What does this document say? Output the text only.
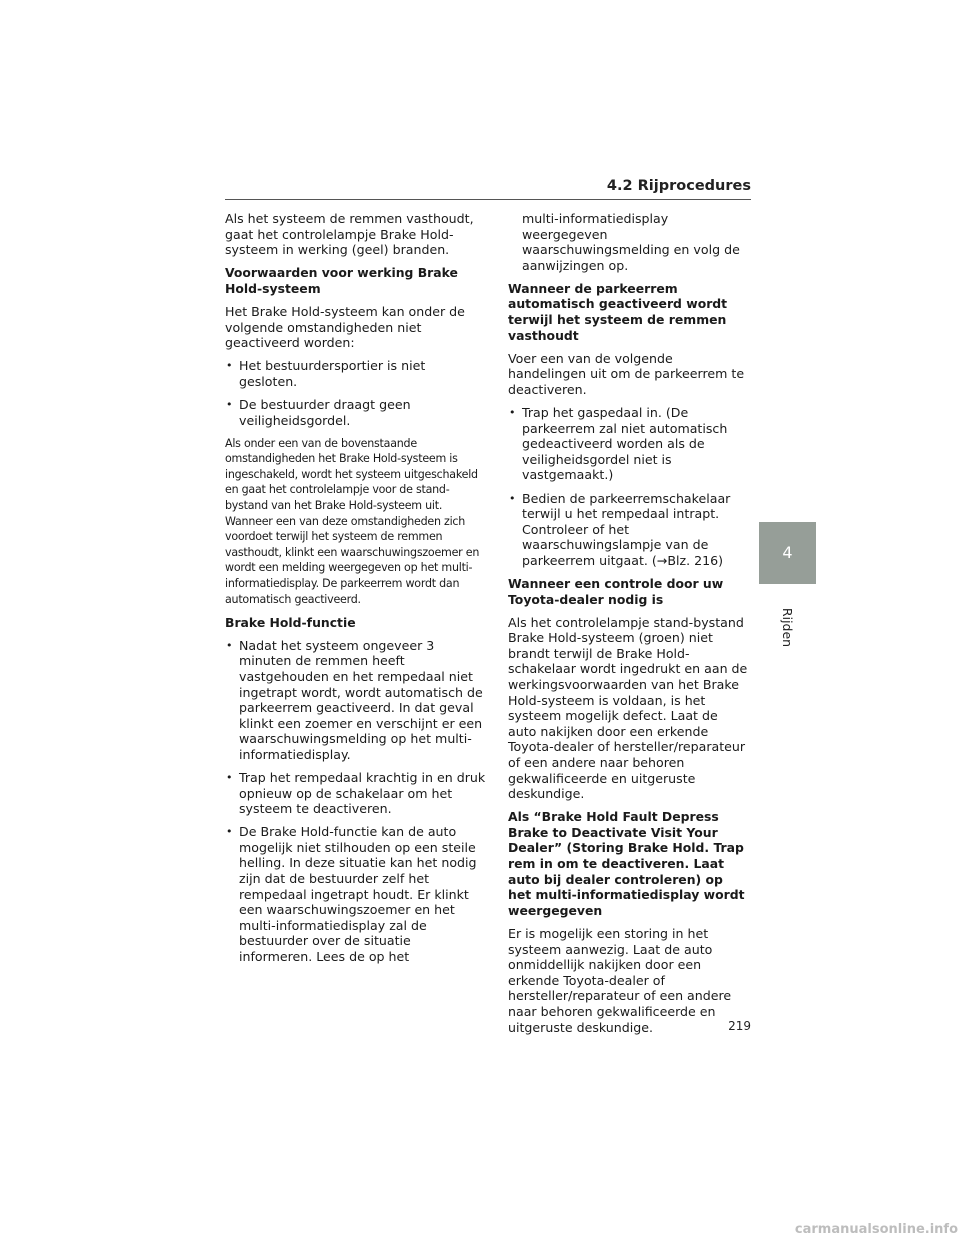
4.2 Rijprocedures

Als het systeem de remmen vasthoudt, gaat het controlelampje Brake Hold-systeem in werking (geel) branden.

Voorwaarden voor werking Brake Hold-systeem

Het Brake Hold-systeem kan onder de volgende omstandigheden niet geactiveerd worden:

• Het bestuurdersportier is niet gesloten.
• De bestuurder draagt geen veiligheidsgordel.

Als onder een van de bovenstaande omstandigheden het Brake Hold-systeem is ingeschakeld, wordt het systeem uitgeschakeld en gaat het controlelampje voor de stand-bystand van het Brake Hold-systeem uit. Wanneer een van deze omstandigheden zich voordoet terwijl het systeem de remmen vasthoudt, klinkt een waarschuwingszoemer en wordt een melding weergegeven op het multi-informatiedisplay. De parkeerrem wordt dan automatisch geactiveerd.

Brake Hold-functie
• Nadat het systeem ongeveer 3 minuten de remmen heeft vastgehouden en het rempedaal niet ingetrapt wordt, wordt automatisch de parkeerrem geactiveerd. In dat geval klinkt een zoemer en verschijnt er een waarschuwingsmelding op het multi-informatiedisplay.
• Trap het rempedaal krachtig in en druk opnieuw op de schakelaar om het systeem te deactiveren.
• De Brake Hold-functie kan de auto mogelijk niet stilhouden op een steile helling. In deze situatie kan het nodig zijn dat de bestuurder zelf het rempedaal ingetrapt houdt. Er klinkt een waarschuwingszoemer en het multi-informatiedisplay zal de bestuurder over de situatie informeren. Lees de op het

multi-informatiedisplay weergegeven waarschuwingsmelding en volg de aanwijzingen op.

Wanneer de parkeerrem automatisch geactiveerd wordt terwijl het systeem de remmen vasthoudt

Voer een van de volgende handelingen uit om de parkeerrem te deactiveren.

• Trap het gaspedaal in. (De parkeerrem zal niet automatisch gedeactiveerd worden als de veiligheidsgordel niet is vastgemaakt.)
• Bedien de parkeerremschakelaar terwijl u het rempedaal intrapt. Controleer of het waarschuwingslampje van de parkeerrem uitgaat. (→Blz. 216)
Wanneer een controle door uw Toyota-dealer nodig is

Als het controlelampje stand-bystand Brake Hold-systeem (groen) niet brandt terwijl de Brake Hold-schakelaar wordt ingedrukt en aan de werkingsvoorwaarden van het Brake Hold-systeem is voldaan, is het systeem mogelijk defect. Laat de auto nakijken door een erkende Toyota-dealer of hersteller/reparateur of een andere naar behoren gekwalificeerde en uitgeruste deskundige.

Als “Brake Hold Fault Depress Brake to Deactivate Visit Your Dealer” (Storing Brake Hold. Trap rem in om te deactiveren. Laat auto bij dealer controleren) op het multi-informatiedisplay wordt weergegeven

Er is mogelijk een storing in het systeem aanwezig. Laat de auto onmiddellijk nakijken door een erkende Toyota-dealer of hersteller/reparateur of een andere naar behoren gekwalificeerde en uitgeruste deskundige.

4
Rijden
219
carmanualsonline.info
